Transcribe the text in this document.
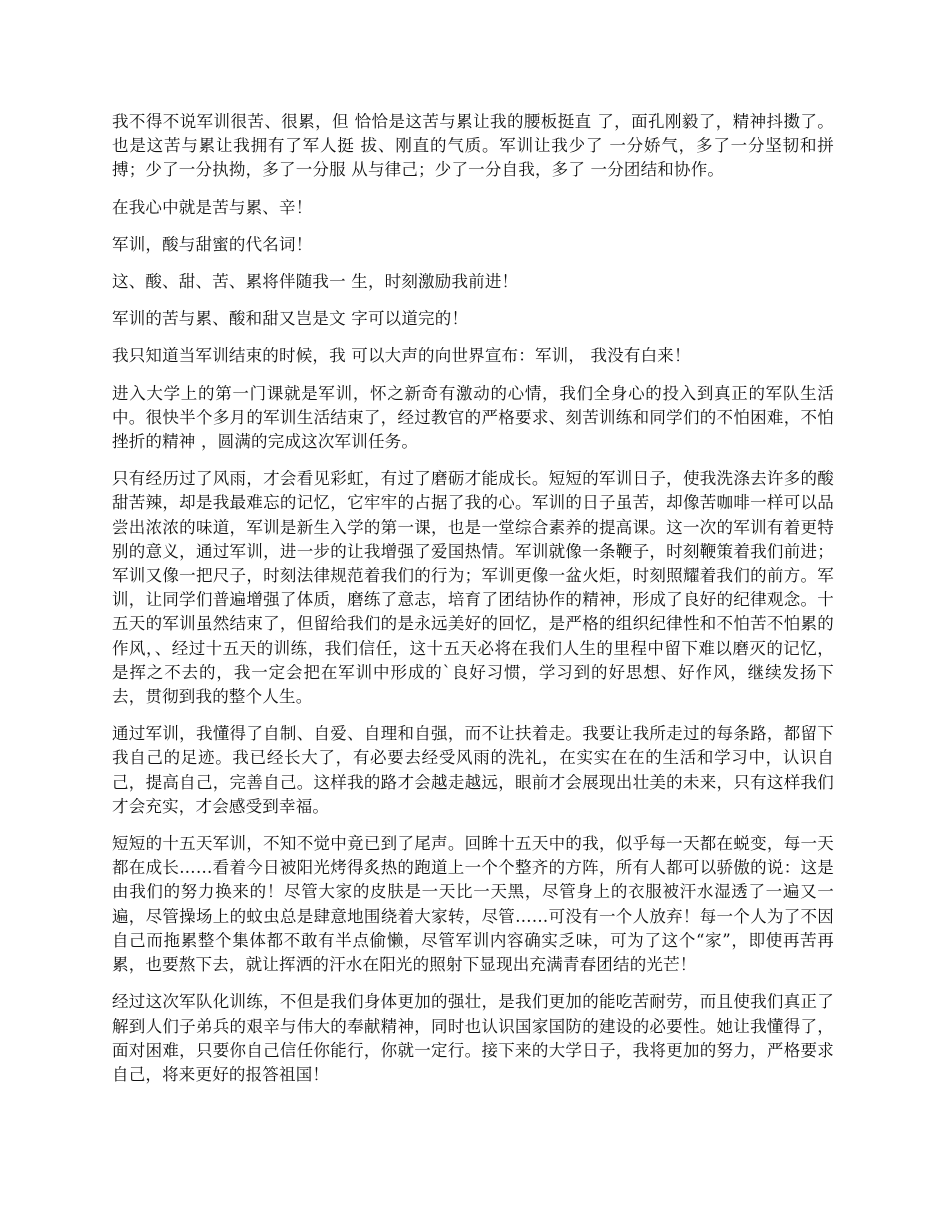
我不得不说军训很苦、很累，但 恰恰是这苦与累让我的腰板挺直 了，面孔刚毅了，精神抖擞了。 也是这苦与累让我拥有了军人挺 拔、刚直的气质。军训让我少了 一分娇气，多了一分坚韧和拼 搏；少了一分执拗，多了一分服 从与律己；少了一分自我，多了 一分团结和协作。

在我心中就是苦与累、辛！

军训，酸与甜蜜的代名词！

这、酸、甜、苦、累将伴随我一 生，时刻激励我前进！

军训的苦与累、酸和甜又岂是文 字可以道完的！

我只知道当军训结束的时候，我 可以大声的向世界宣布：军训， 我没有白来！

进入大学上的第一门课就是军训，怀之新奇有激动的心情，我们全身心的投入到真正的军队生活中。很快半个多月的军训生活结束了，经过教官的严格要求、刻苦训练和同学们的不怕困难，不怕挫折的精神 ，圆满的完成这次军训任务。

只有经历过了风雨，才会看见彩虹，有过了磨砺才能成长。短短的军训日子，使我洗涤去许多的酸甜苦辣，却是我最难忘的记忆，它牢牢的占据了我的心。军训的日子虽苦，却像苦咖啡一样可以品尝出浓浓的味道，军训是新生入学的第一课，也是一堂综合素养的提高课。这一次的军训有着更特别的意义，通过军训，进一步的让我增强了爱国热情。军训就像一条鞭子，时刻鞭策着我们前进；军训又像一把尺子，时刻法律规范着我们的行为；军训更像一盆火炬，时刻照耀着我们的前方。军训，让同学们普遍增强了体质，磨练了意志，培育了团结协作的精神，形成了良好的纪律观念。十五天的军训虽然结束了，但留给我们的是永远美好的回忆，是严格的组织纪律性和不怕苦不怕累的作风，、经过十五天的训练，我们信任，这十五天必将在我们人生的里程中留下难以磨灭的记忆，是挥之不去的，我一定会把在军训中形成的`良好习惯，学习到的好思想、好作风，继续发扬下去，贯彻到我的整个人生。

通过军训，我懂得了自制、自爱、自理和自强，而不让扶着走。我要让我所走过的每条路，都留下我自己的足迹。我已经长大了，有必要去经受风雨的洗礼，在实实在在的生活和学习中，认识自己，提高自己，完善自己。这样我的路才会越走越远，眼前才会展现出壮美的未来，只有这样我们才会充实，才会感受到幸福。

短短的十五天军训，不知不觉中竟已到了尾声。回眸十五天中的我，似乎每一天都在蜕变，每一天都在成长……看着今日被阳光烤得炙热的跑道上一个个整齐的方阵，所有人都可以骄傲的说：这是由我们的努力换来的！尽管大家的皮肤是一天比一天黑，尽管身上的衣服被汗水湿透了一遍又一遍，尽管操场上的蚊虫总是肆意地围绕着大家转，尽管……可没有一个人放弃！每一个人为了不因自己而拖累整个集体都不敢有半点偷懒，尽管军训内容确实乏味，可为了这个“家”，即使再苦再累，也要熬下去，就让挥洒的汗水在阳光的照射下显现出充满青春团结的光芒！

经过这次军队化训练，不但是我们身体更加的强壮，是我们更加的能吃苦耐劳，而且使我们真正了解到人们子弟兵的艰辛与伟大的奉献精神，同时也认识国家国防的建设的必要性。她让我懂得了，面对困难，只要你自己信任你能行，你就一定行。接下来的大学日子，我将更加的努力，严格要求自己，将来更好的报答祖国！
